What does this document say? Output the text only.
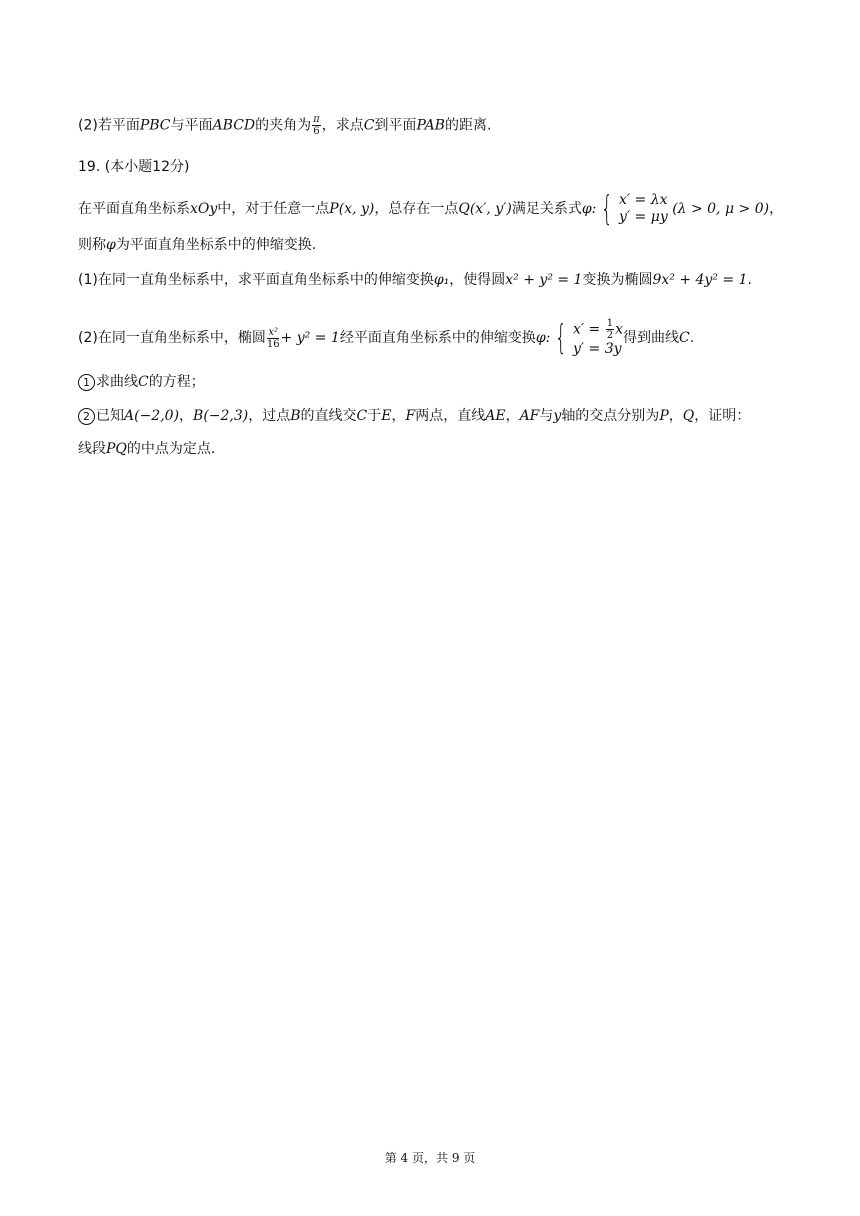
(2)若平面PBC与平面ABCD的夹角为 $\frac{\pi}{6}$ ，求点C到平面PAB的距离.
19. (本小题12分)
在平面直角坐标系xOy中，对于任意一点P(x, y)，总存在一点Q(x′, y′)满足关系式φ: { x′ = λx
y′ = μy (λ > 0, μ > 0)，
则称φ为平面直角坐标系中的伸缩变换.
(1)在同一直角坐标系中，求平面直角坐标系中的伸缩变换φ₁，使得圆x² + y² = 1变换为椭圆9x² + 4y² = 1.
(2)在同一直角坐标系中，椭圆 $\frac{\text{x²}}{16} + y^2 = 1$经平面直角坐标系中的伸缩变换φ: { $x' = \frac{1}{2}$ x
y′ = 3y
得到曲线C.
1 求曲线C的方程；
2 已知A(−2,0)，B(−2,3)，过点B的直线交C于E，F两点，直线AE，AF与y轴的交点分别为P，Q，证明：
线段PQ的中点为定点.
第 4 页，共 9 页
